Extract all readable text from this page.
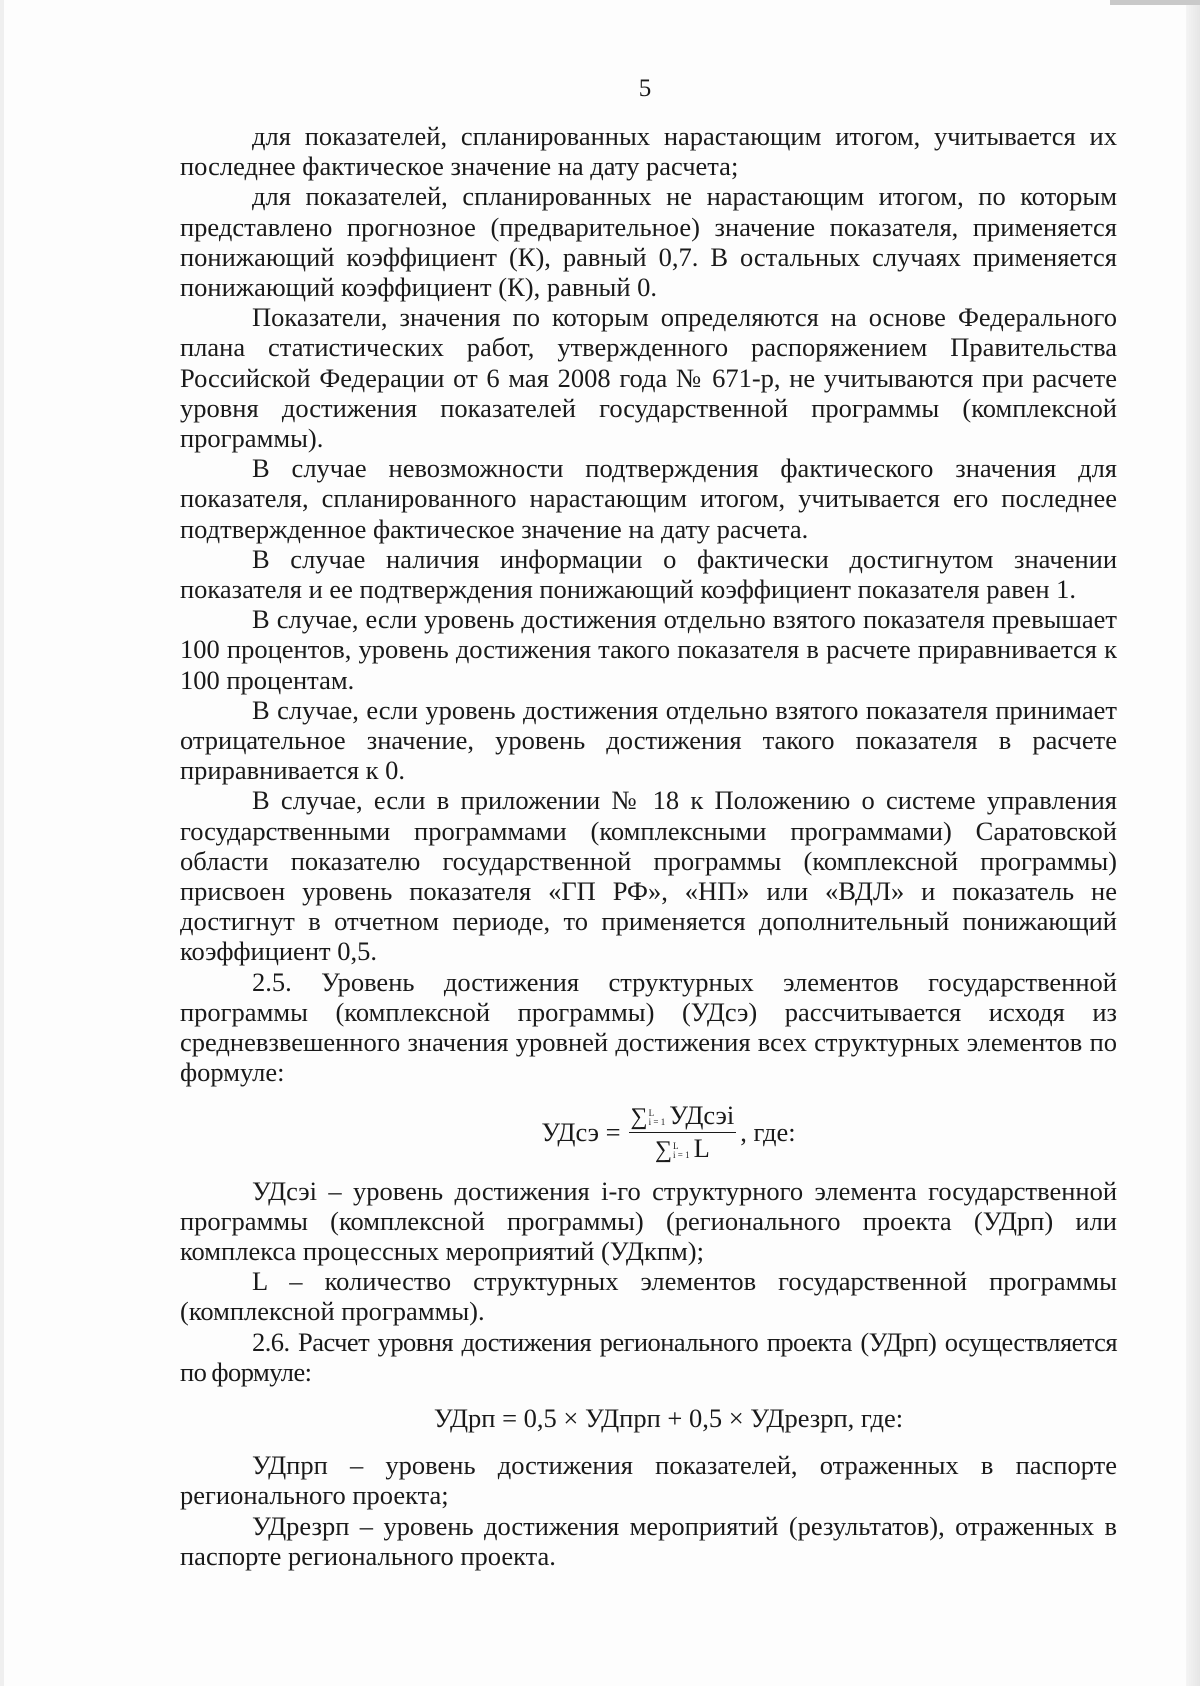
5

для показателей, спланированных нарастающим итогом, учитывается их последнее фактическое значение на дату расчета;

для показателей, спланированных не нарастающим итогом, по которым представлено прогнозное (предварительное) значение показателя, применяется понижающий коэффициент (К), равный 0,7. В остальных случаях применяется понижающий коэффициент (К), равный 0.

Показатели, значения по которым определяются на основе Федерального плана статистических работ, утвержденного распоряжением Правительства Российской Федерации от 6 мая 2008 года № 671-р, не учитываются при расчете уровня достижения показателей государственной программы (комплексной программы).

В случае невозможности подтверждения фактического значения для показателя, спланированного нарастающим итогом, учитывается его последнее подтвержденное фактическое значение на дату расчета.

В случае наличия информации о фактически достигнутом значении показателя и ее подтверждения понижающий коэффициент показателя равен 1.

В случае, если уровень достижения отдельно взятого показателя превышает 100 процентов, уровень достижения такого показателя в расчете приравнивается к 100 процентам.

В случае, если уровень достижения отдельно взятого показателя принимает отрицательное значение, уровень достижения такого показателя в расчете приравнивается к 0.

В случае, если в приложении № 18 к Положению о системе управления государственными программами (комплексными программами) Саратовской области показателю государственной программы (комплексной программы) присвоен уровень показателя «ГП РФ», «НП» или «ВДЛ» и показатель не достигнут в отчетном периоде, то применяется дополнительный понижающий коэффициент 0,5.

2.5. Уровень достижения структурных элементов государственной программы (комплексной программы) (УДсэ) рассчитывается исходя из средневзвешенного значения уровней достижения всех структурных элементов по формуле:

УДсэ = ∑ L
i = 1 УДсэi
∑ L
i = 1 L , где:

УДсэi – уровень достижения i-го структурного элемента государственной программы (комплексной программы) (регионального проекта (УДрп) или комплекса процессных мероприятий (УДкпм);

L – количество структурных элементов государственной программы (комплексной программы).

2.6. Расчет уровня достижения регионального проекта (УДрп) осуществляется по формуле:

УДрп = 0,5 × УДпрп + 0,5 × УДрезрп, где:

УДпрп – уровень достижения показателей, отраженных в паспорте регионального проекта;

УДрезрп – уровень достижения мероприятий (результатов), отраженных в паспорте регионального проекта.
